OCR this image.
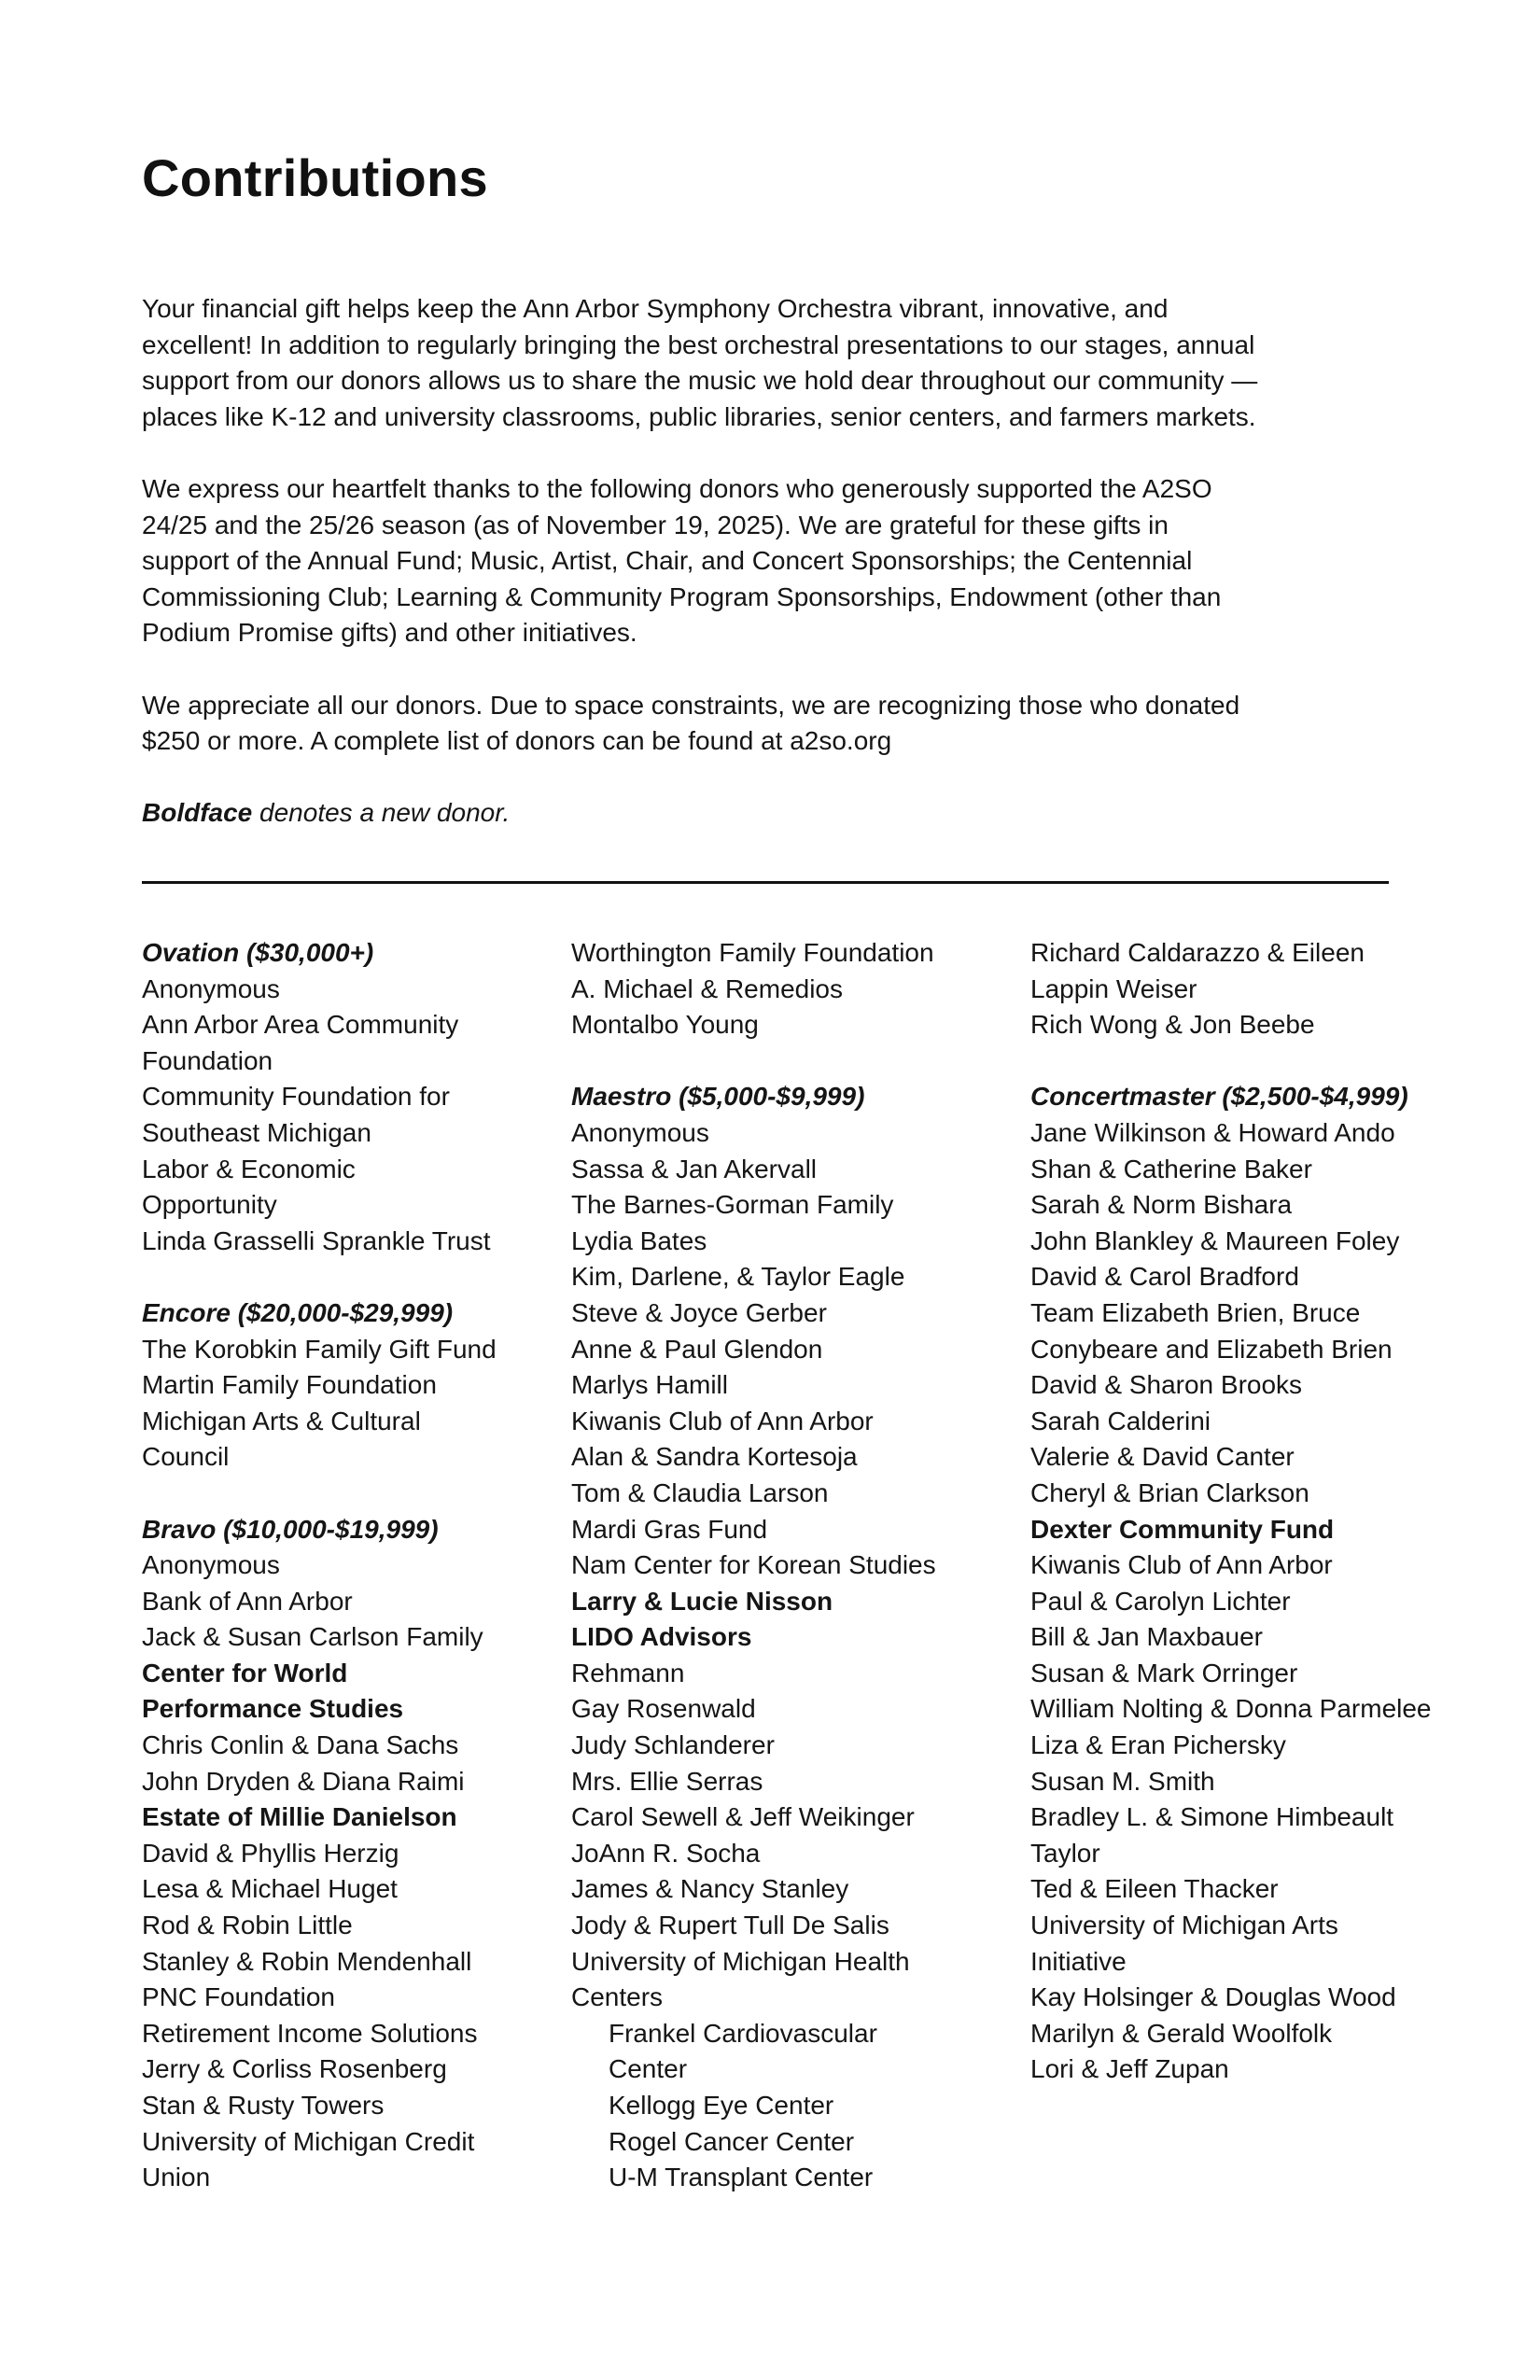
Contributions

Your financial gift helps keep the Ann Arbor Symphony Orchestra vibrant, innovative, and
excellent! In addition to regularly bringing the best orchestral presentations to our stages, annual
support from our donors allows us to share the music we hold dear throughout our community —
places like K-12 and university classrooms, public libraries, senior centers, and farmers markets.

We express our heartfelt thanks to the following donors who generously supported the A2SO
24/25 and the 25/26 season (as of November 19, 2025). We are grateful for these gifts in
support of the Annual Fund; Music, Artist, Chair, and Concert Sponsorships; the Centennial
Commissioning Club; Learning & Community Program Sponsorships, Endowment (other than
Podium Promise gifts) and other initiatives.

We appreciate all our donors. Due to space constraints, we are recognizing those who donated
$250 or more. A complete list of donors can be found at a2so.org

Boldface denotes a new donor.

Ovation ($30,000+)
Anonymous
Ann Arbor Area Community
Foundation
Community Foundation for
Southeast Michigan
Labor & Economic
Opportunity
Linda Grasselli Sprankle Trust
Encore ($20,000-$29,999)
The Korobkin Family Gift Fund
Martin Family Foundation
Michigan Arts & Cultural
Council
Bravo ($10,000-$19,999)
Anonymous
Bank of Ann Arbor
Jack & Susan Carlson Family
Center for World
Performance Studies
Chris Conlin & Dana Sachs
John Dryden & Diana Raimi
Estate of Millie Danielson
David & Phyllis Herzig
Lesa & Michael Huget
Rod & Robin Little
Stanley & Robin Mendenhall
PNC Foundation
Retirement Income Solutions
Jerry & Corliss Rosenberg
Stan & Rusty Towers
University of Michigan Credit
Union
Worthington Family Foundation
A. Michael & Remedios
Montalbo Young
Maestro ($5,000-$9,999)
Anonymous
Sassa & Jan Akervall
The Barnes-Gorman Family
Lydia Bates
Kim, Darlene, & Taylor Eagle
Steve & Joyce Gerber
Anne & Paul Glendon
Marlys Hamill
Kiwanis Club of Ann Arbor
Alan & Sandra Kortesoja
Tom & Claudia Larson
Mardi Gras Fund
Nam Center for Korean Studies
Larry & Lucie Nisson
LIDO Advisors
Rehmann
Gay Rosenwald
Judy Schlanderer
Mrs. Ellie Serras
Carol Sewell & Jeff Weikinger
JoAnn R. Socha
James & Nancy Stanley
Jody & Rupert Tull De Salis
University of Michigan Health
Centers
Frankel Cardiovascular
Center
Kellogg Eye Center
Rogel Cancer Center
U-M Transplant Center
Richard Caldarazzo & Eileen
Lappin Weiser
Rich Wong & Jon Beebe
Concertmaster ($2,500-$4,999)
Jane Wilkinson & Howard Ando
Shan & Catherine Baker
Sarah & Norm Bishara
John Blankley & Maureen Foley
David & Carol Bradford
Team Elizabeth Brien, Bruce
Conybeare and Elizabeth Brien
David & Sharon Brooks
Sarah Calderini
Valerie & David Canter
Cheryl & Brian Clarkson
Dexter Community Fund
Kiwanis Club of Ann Arbor
Paul & Carolyn Lichter
Bill & Jan Maxbauer
Susan & Mark Orringer
William Nolting & Donna Parmelee
Liza & Eran Pichersky
Susan M. Smith
Bradley L. & Simone Himbeault
Taylor
Ted & Eileen Thacker
University of Michigan Arts
Initiative
Kay Holsinger & Douglas Wood
Marilyn & Gerald Woolfolk
Lori & Jeff Zupan
